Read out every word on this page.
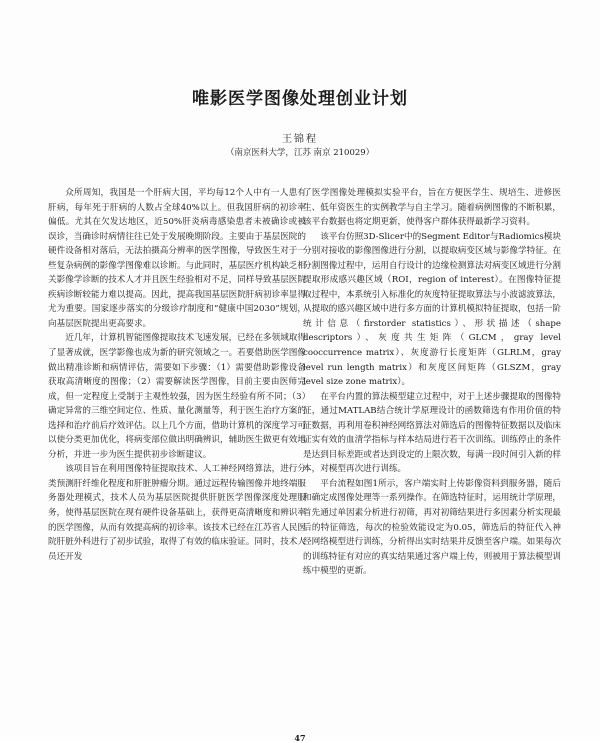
唯影医学图像处理创业计划
王锦程
（南京医科大学，江苏 南京 210029）

众所周知，我国是一个肝病大国，平均每12个人中有一人患有肝病，每年死于肝病的人数占全球40%以上。但我国肝病的初诊率偏低。尤其在欠发达地区，近50%肝炎病毒感染患者未被确诊或被误诊，当确诊时病情往往已处于发展晚期阶段。主要由于基层医院的硬件设备相对落后，无法拍摄高分辨率的医学图像，导致医生对于一些复杂病例的影像学图像难以诊断。与此同时，基层医疗机构缺乏相关影像学诊断的技术人才并且医生经验相对不足，同样导致基层医院疾病诊断较能力难以提高。因此，提高我国基层医院肝病初诊率显得尤为重要。国家逐步落实的分级诊疗制度和“健康中国2030”规划，向基层医院提出更高要求。

近几年，计算机智能图像提取技术飞速发展，已经在多领域取得了显著成就，医学影像也成为新的研究领域之一。若要借助医学图像做出精准诊断和病情评估，需要如下步骤：（1）需要借助影像设备获取高清晰度的图像；（2）需要解读医学图像，目前主要由医师完成，但一定程度上受制于主观性较强，因为医生经验有所不同；（3）确定异常的三维空间定位、性质、量化测量等，利于医生治疗方案的选择和治疗前后疗效评估。以上几个方面，借助计算机的深度学习可以使分类更加优化，将病变部位做出明确辨识，辅助医生做更有效地分析，并进一步为医生提供初步诊断建议。

该项目旨在利用图像特征提取技术、人工神经网络算法，进行分类预测肝纤维化程度和肝脏肿瘤分期。通过远程传输图像并地终端服务器处理模式，技术人员为基层医院提供肝脏医学图像深度处理服务，使得基层医院在现有硬件设备基础上，获得更高清晰度和辨识率的医学图像，从而有效提高病的初诊率。该技术已经在江苏省人民医院肝脏外科进行了初步试验，取得了有效的临床验证。同时，技术人员还开发

了医学图像处理模拟实验平台，旨在方便医学生、规培生、进修医生、低年资医生的实例教学与自主学习。随着病例图像的不断积累，该平台数据也将定期更新，使得客户群体获得最新学习资料。

该平台仿照3D-Slicer中的Segment Editor与Radiomics模块分别对接收的影像图像进行分割，以提取病变区域与影像学特征。在分割图像过程中，运用自行设计的边缘检测算法对病变区域进行分割提取形成感兴趣区域（ROI，region of interest）。在图像特征提取过程中，本系统引入标准化的灰度特征提取算法与小波滤波算法，从提取的感兴趣区域中进行多方面的计算机模拟特征提取，包括一阶统计信息（firstorder statistics）、形状描述（shape descriptors）、灰度共生矩阵（GLCM，gray level cooccurrence matrix）、灰度游行长度矩阵（GLRLM，gray level run length matrix）和灰度区间矩阵（GLSZM，gray level size zone matrix）。

在平台内置的算法模型建立过程中，对于上述步骤提取的图像特征，通过MATLAB结合统计学原理设计的函数筛选有作用价值的特征数据，再利用卷积神经网络算法对筛选后的图像特征数据以及临床证实有效的血清学指标与样本结局进行若干次训练。训练停止的条件是达到目标差距或者达到设定的上限次数，每满一段时间引入新的样本，对模型再次进行训练。

平台流程如图1所示，客户端实时上传影像资料到服务器，随后和确定成图像处理等一系列操作。在筛选特征时，运用统计学原理，首先通过单因素分析进行初筛，再对初筛结果进行多因素分析实现最后的特征筛选，每次的检验效能设定为0.05，筛选后的特征代入神经网络模型进行训练，分析得出实时结果并反馈至客户端。如果每次的训练特征有对应的真实结果通过客户端上传，则被用于算法模型训练中模型的更新。

47
